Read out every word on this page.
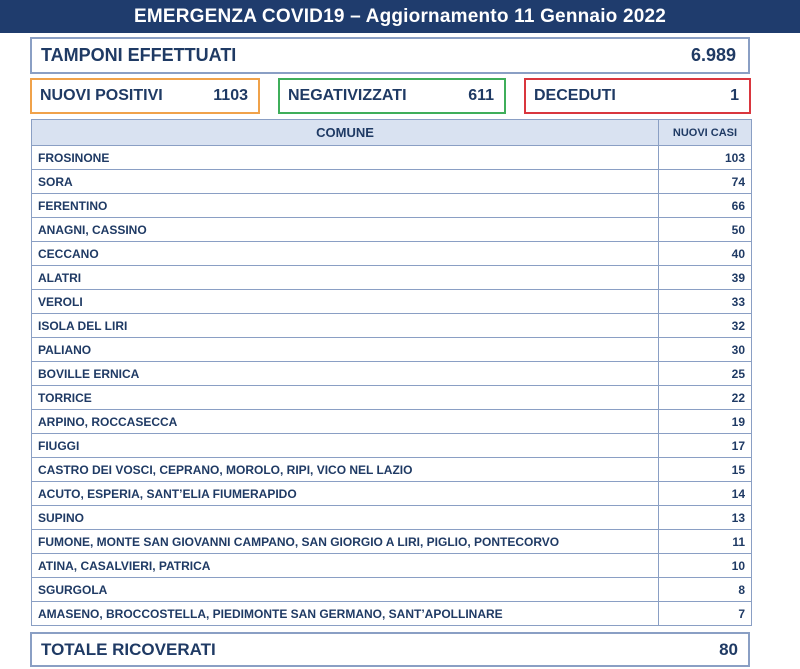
EMERGENZA COVID19 – Aggiornamento 11 Gennaio 2022
TAMPONI EFFETTUATI	6.989
NUOVI POSITIVI	1103	NEGATIVIZZATI	611	DECEDUTI	1
COMUNE	NUOVI CASI
FROSINONE	103
SORA	74
FERENTINO	66
ANAGNI, CASSINO	50
CECCANO	40
ALATRI	39
VEROLI	33
ISOLA DEL LIRI	32
PALIANO	30
BOVILLE ERNICA	25
TORRICE	22
ARPINO, ROCCASECCA	19
FIUGGI	17
CASTRO DEI VOSCI, CEPRANO, MOROLO, RIPI, VICO NEL LAZIO	15
ACUTO, ESPERIA, SANT’ELIA FIUMERAPIDO	14
SUPINO	13
FUMONE, MONTE SAN GIOVANNI CAMPANO, SAN GIORGIO A LIRI, PIGLIO, PONTECORVO	11
ATINA, CASALVIERI, PATRICA	10
SGURGOLA	8
AMASENO, BROCCOSTELLA, PIEDIMONTE SAN GERMANO, SANT’APOLLINARE	7
TOTALE RICOVERATI	80
